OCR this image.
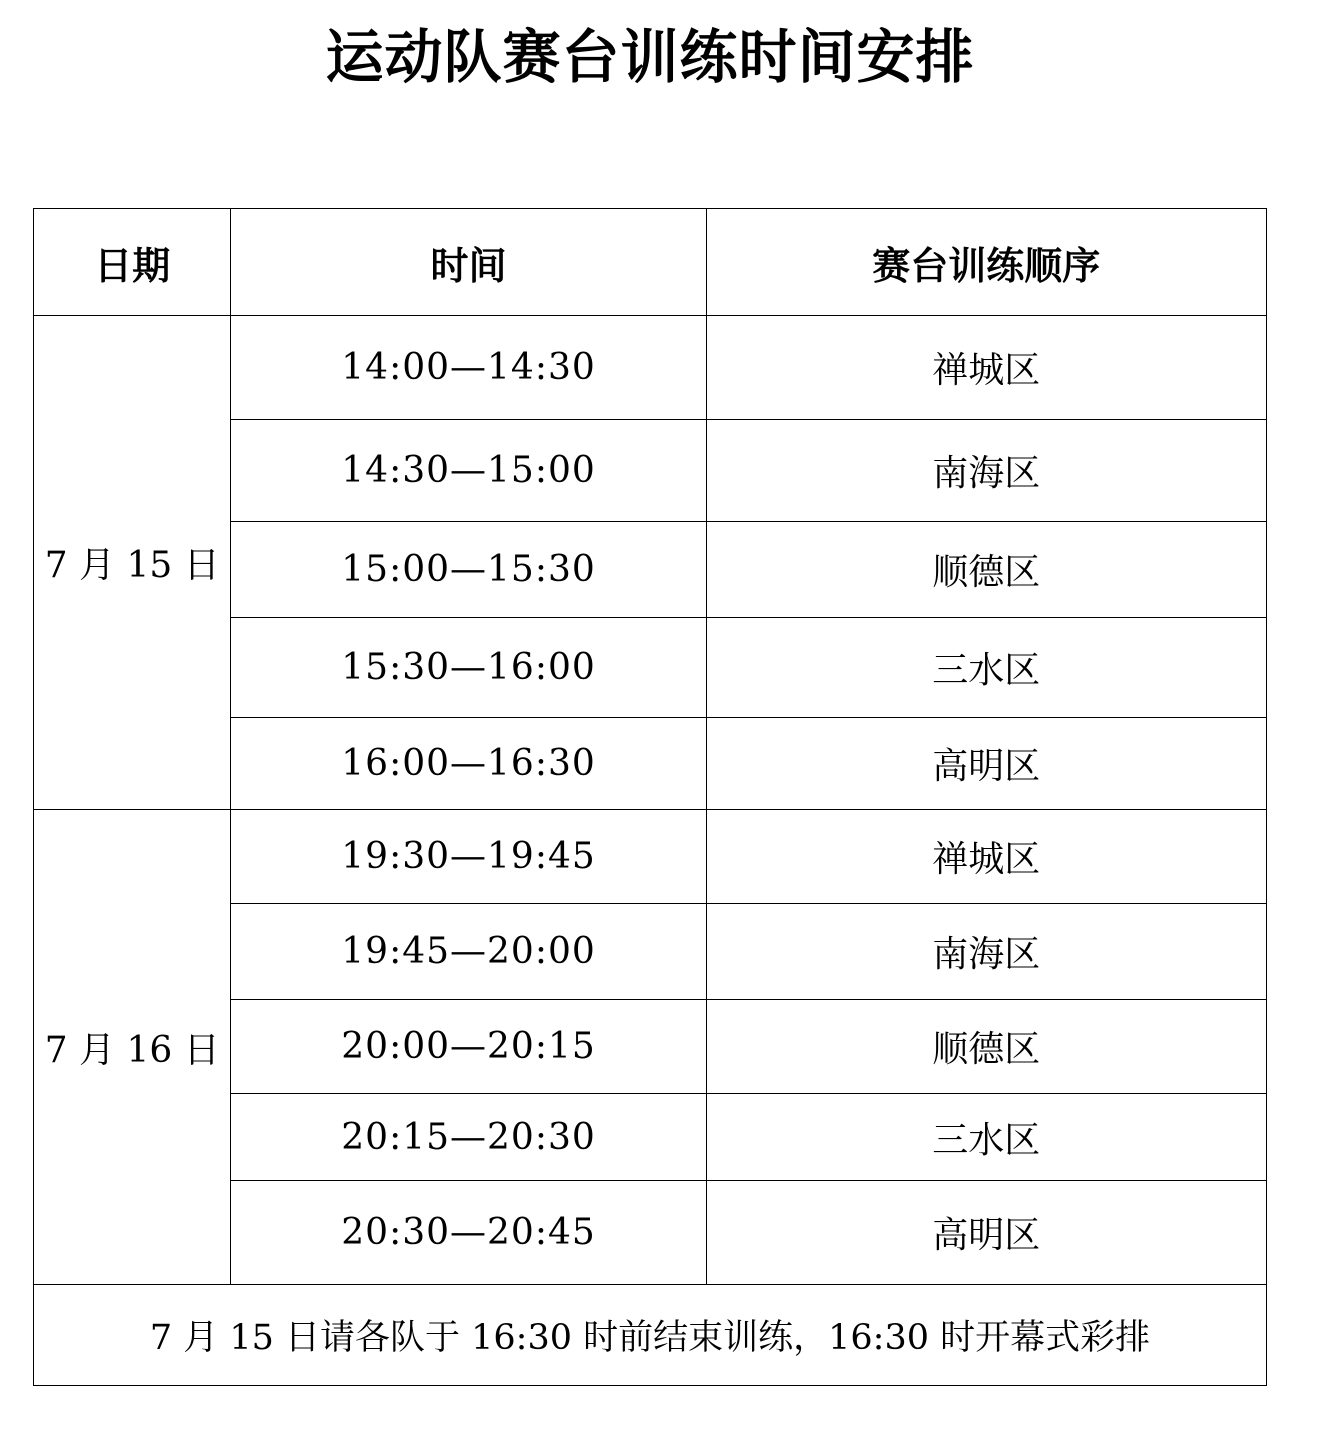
运动队赛台训练时间安排
日期	时间	赛台训练顺序
7 月 15 日	14:00—14:30	禅城区
	14:30—15:00	南海区
	15:00—15:30	顺德区
	15:30—16:00	三水区
	16:00—16:30	高明区
7 月 16 日	19:30—19:45	禅城区
	19:45—20:00	南海区
	20:00—20:15	顺德区
	20:15—20:30	三水区
	20:30—20:45	高明区
7 月 15 日请各队于 16:30 时前结束训练，16:30 时开幕式彩排		
